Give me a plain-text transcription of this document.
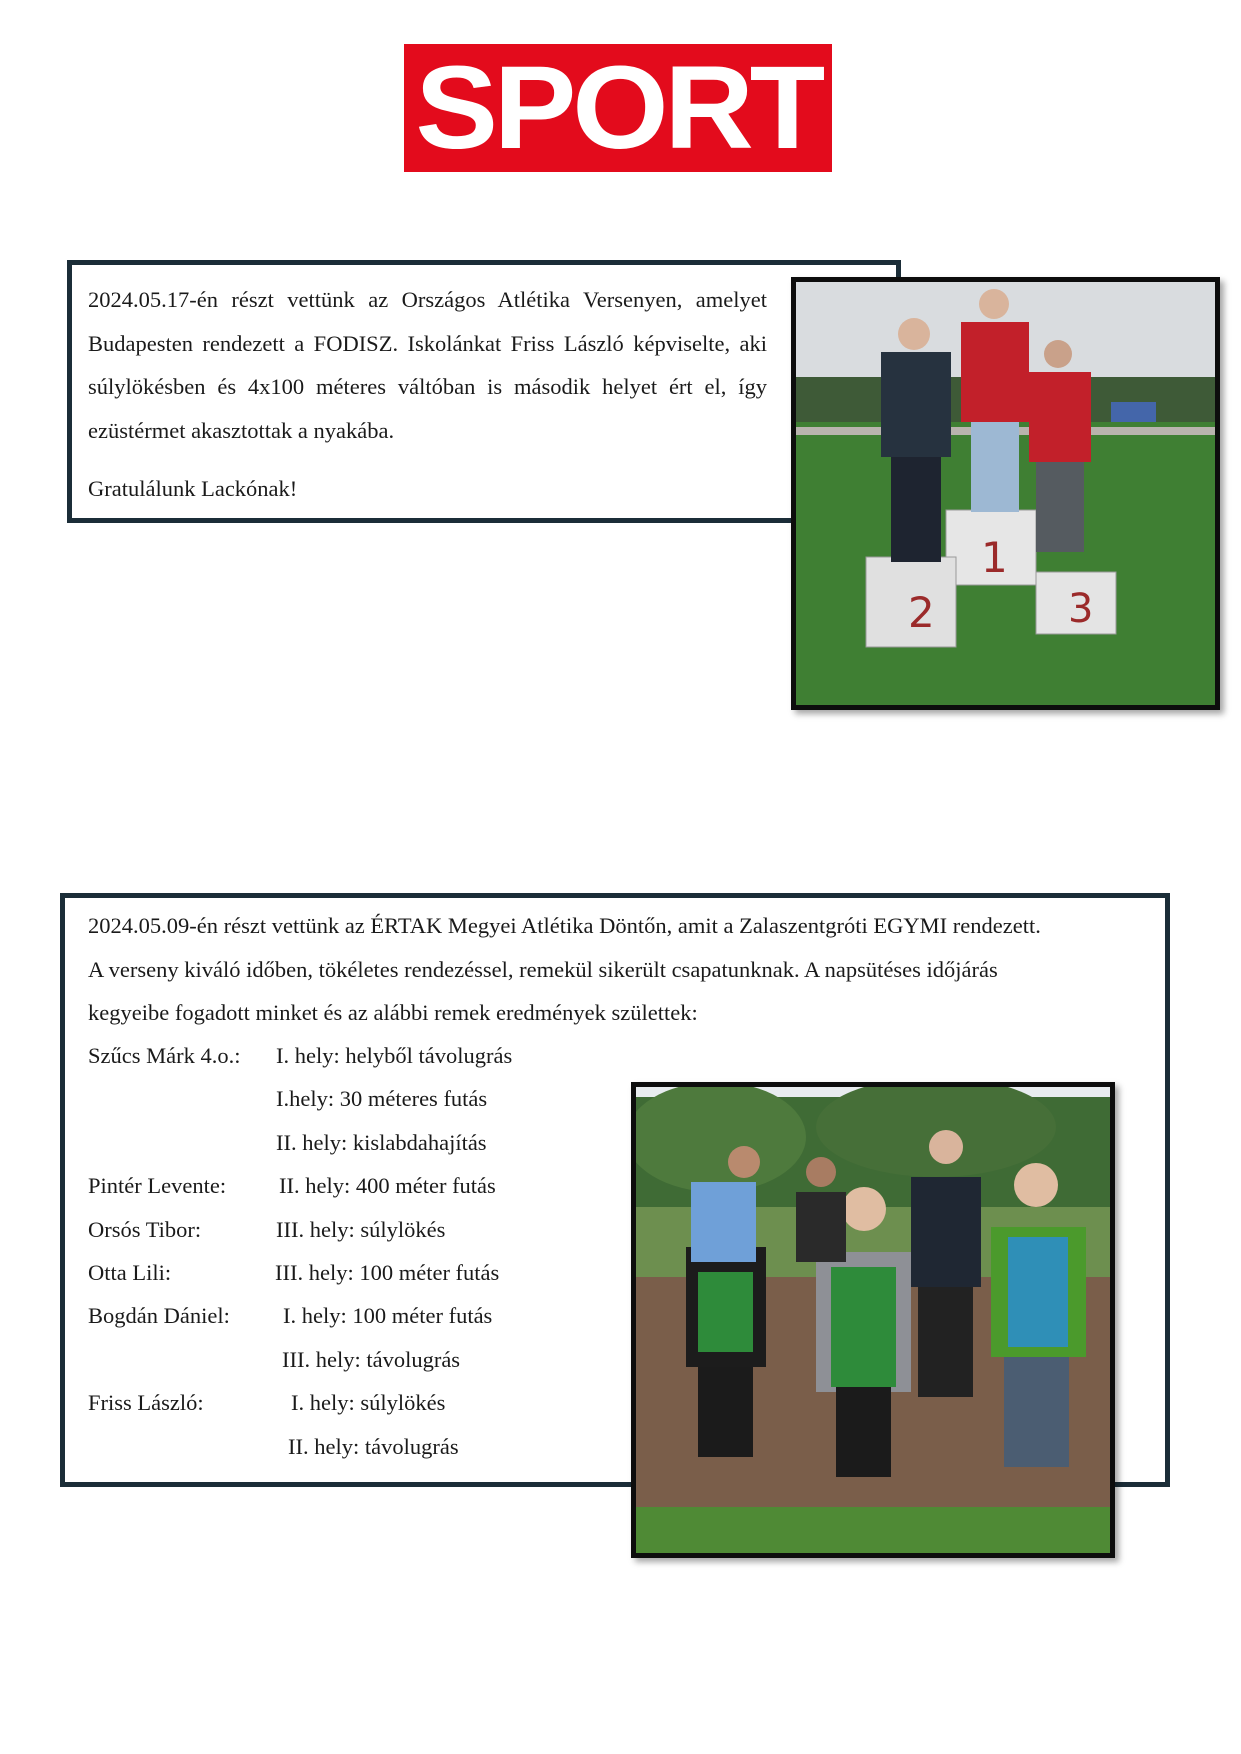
SPORT

2024.05.17-én részt vettünk az Országos Atlétika Versenyen, amelyet Budapesten rendezett a FODISZ. Iskolánkat Friss László képviselte, aki súlylökésben és 4x100 méteres váltóban is második helyet ért el, így ezüstérmet akasztottak a nyakába.

Gratulálunk Lackónak!

2
1
3

2024.05.09-én részt vettünk az ÉRTAK Megyei Atlétika Döntőn, amit a Zalaszentgróti EGYMI rendezett.

A verseny kiváló időben, tökéletes rendezéssel, remekül sikerült csapatunknak. A napsütéses időjárás

kegyeibe fogadott minket és az alábbi remek eredmények születtek:

Szűcs Márk 4.o.: I. hely: helyből távolugrás
I.hely: 30 méteres futás
II. hely: kislabdahajítás
Pintér Levente: II. hely: 400 méter futás
Orsós Tibor:	III. hely: súlylökés
Otta Lili:	III. hely: 100 méter futás
Bogdán Dániel: I. hely: 100 méter futás
III. hely: távolugrás
Friss László:	I. hely: súlylökés
II. hely: távolugrás
